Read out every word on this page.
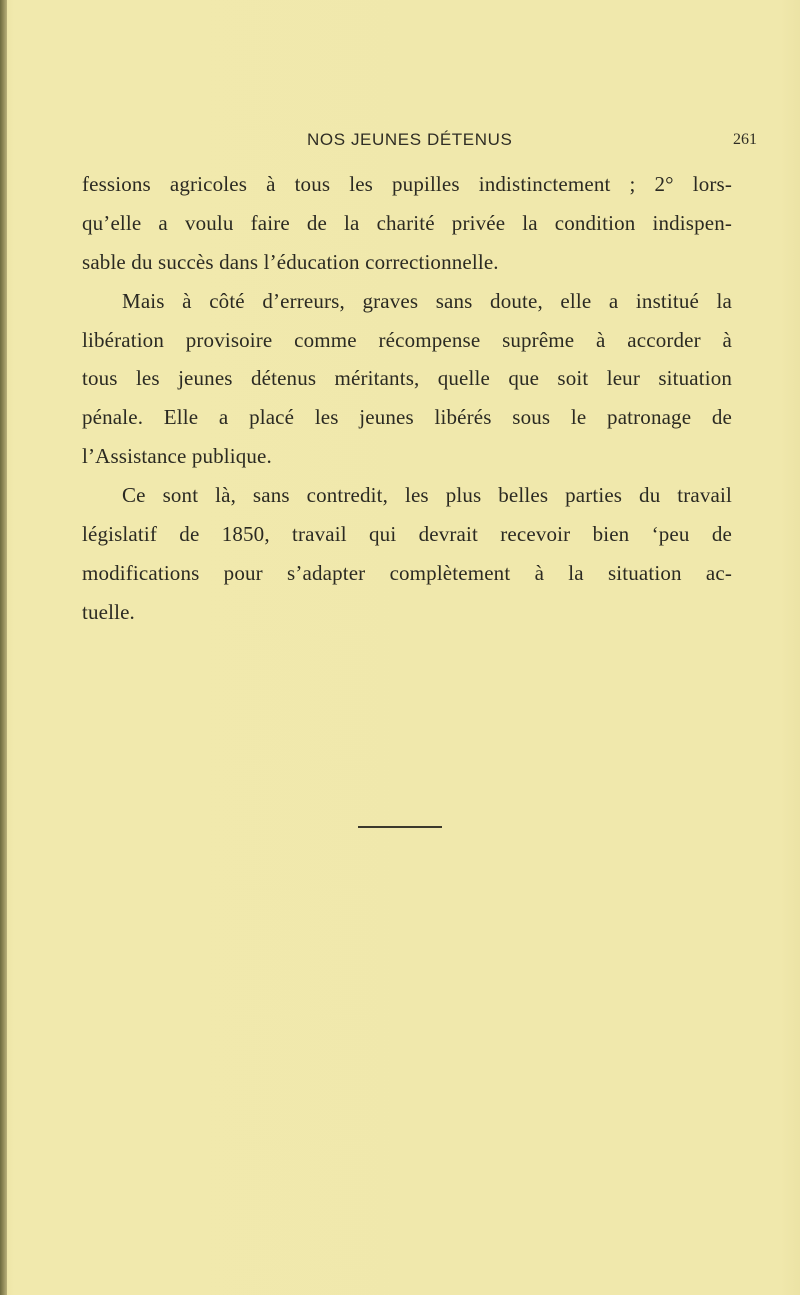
NOS JEUNES DÉTENUS	261
fessions agricoles à tous les pupilles indistinctement ; 2° lors-
qu’elle a voulu faire de la charité privée la condition indispen-
sable du succès dans l’éducation correctionnelle.
Mais à côté d’erreurs, graves sans doute, elle a institué la
libération provisoire comme récompense suprême à accorder à
tous les jeunes détenus méritants, quelle que soit leur situation
pénale. Elle a placé les jeunes libérés sous le patronage de
l’Assistance publique.
Ce sont là, sans contredit, les plus belles parties du travail
législatif de 1850, travail qui devrait recevoir bien ‘peu de
modifications pour s’adapter complètement à la situation ac-
tuelle.
